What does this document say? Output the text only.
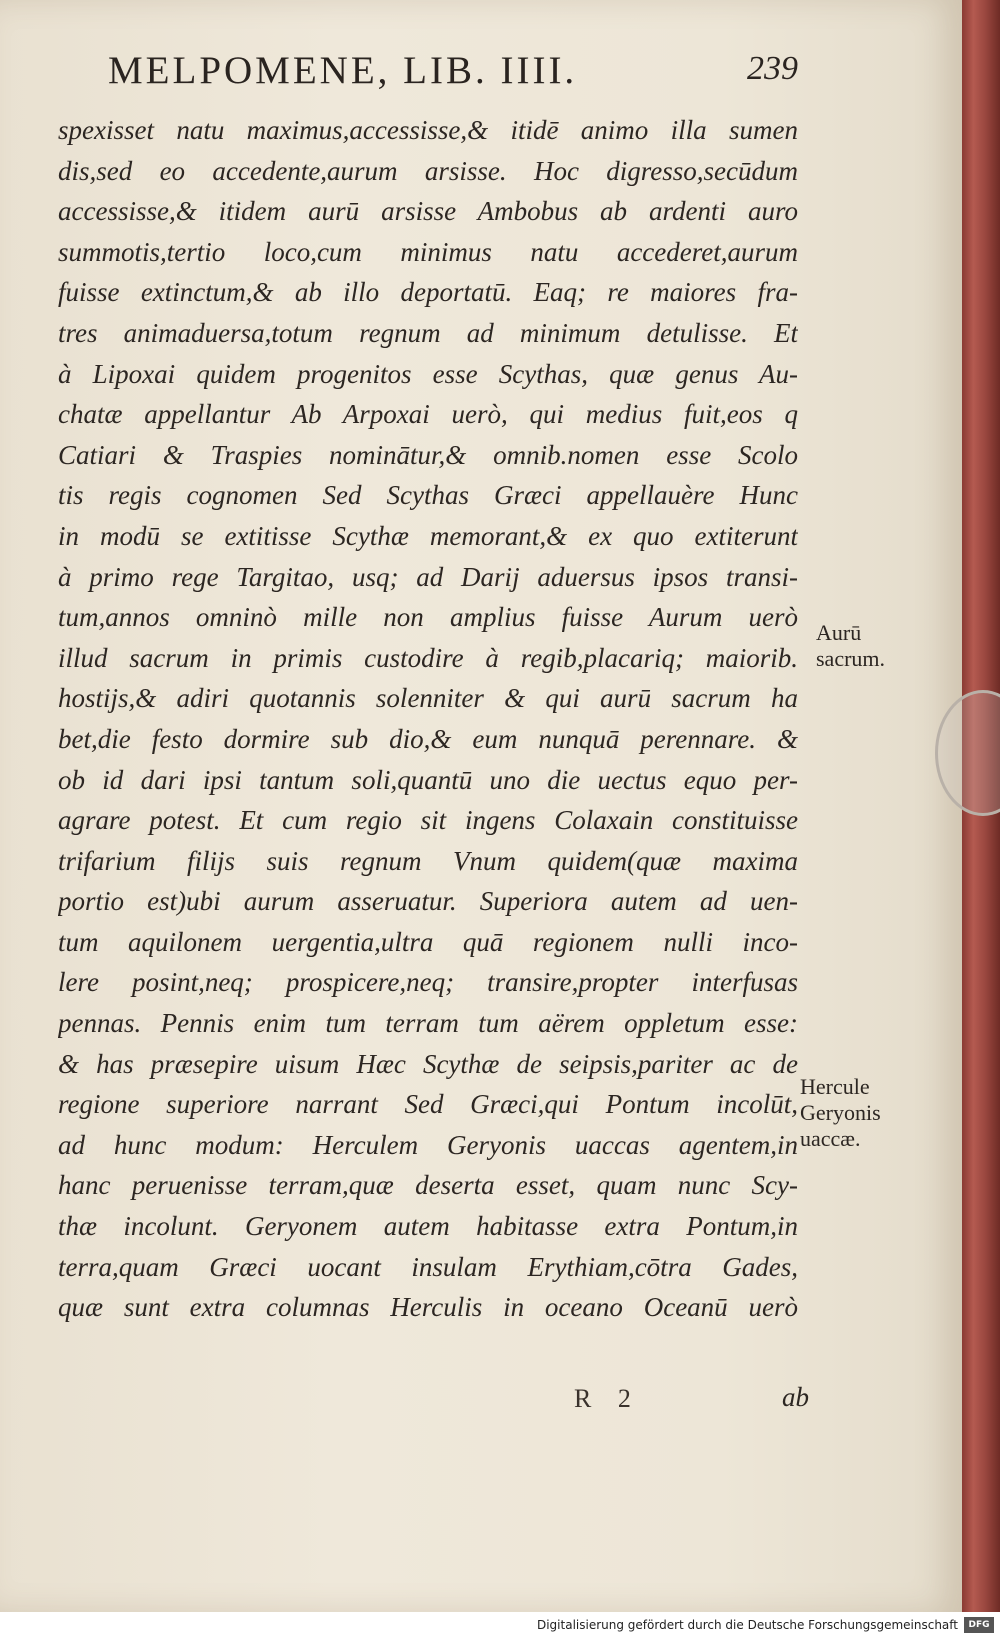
MELPOMENE, LIB. IIII.	239
spexisset natu maximus,accessisse,& itidē animo illa sumen
dis,sed eo accedente,aurum arsisse. Hoc digresso,secūdum
accessisse,& itidem aurū arsisse Ambobus ab ardenti auro
summotis,tertio loco,cum minimus natu accederet,aurum
fuisse extinctum,& ab illo deportatū. Eaq; re maiores fra-
tres animaduersa,totum regnum ad minimum detulisse. Et
à Lipoxai quidem progenitos esse Scythas, quæ genus Au-
chatæ appellantur Ab Arpoxai uerò, qui medius fuit,eos q
Catiari & Traspies nominātur,& omnib.nomen esse Scolo
tis regis cognomen Sed Scythas Græci appellauère Hunc
in modū se extitisse Scythæ memorant,& ex quo extiterunt
à primo rege Targitao, usq; ad Darij aduersus ipsos transi-
tum,annos omninò mille non amplius fuisse Aurum uerò
illud sacrum in primis custodire à regib,placariq; maiorib.
hostijs,& adiri quotannis solenniter & qui aurū sacrum ha
bet,die festo dormire sub dio,& eum nunquā perennare. &
ob id dari ipsi tantum soli,quantū uno die uectus equo per-
agrare potest. Et cum regio sit ingens Colaxain constituisse
trifarium filijs suis regnum Vnum quidem(quæ maxima
portio est)ubi aurum asseruatur. Superiora autem ad uen-
tum aquilonem uergentia,ultra quā regionem nulli inco-
lere posint,neq; prospicere,neq; transire,propter interfusas
pennas. Pennis enim tum terram tum aërem oppletum esse:
& has præsepire uisum Hæc Scythæ de seipsis,pariter ac de
regione superiore narrant Sed Græci,qui Pontum incolūt,
ad hunc modum: Herculem Geryonis uaccas agentem,in
hanc peruenisse terram,quæ deserta esset, quam nunc Scy-
thæ incolunt. Geryonem autem habitasse extra Pontum,in
terra,quam Græci uocant insulam Erythiam,cōtra Gades,
quæ sunt extra columnas Herculis in oceano Oceanū uerò
Aurū
sacrum.
Hercule
Geryonis
uaccæ.
R 2	ab
Digitalisierung gefördert durch die Deutsche Forschungsgemeinschaft	DFG
